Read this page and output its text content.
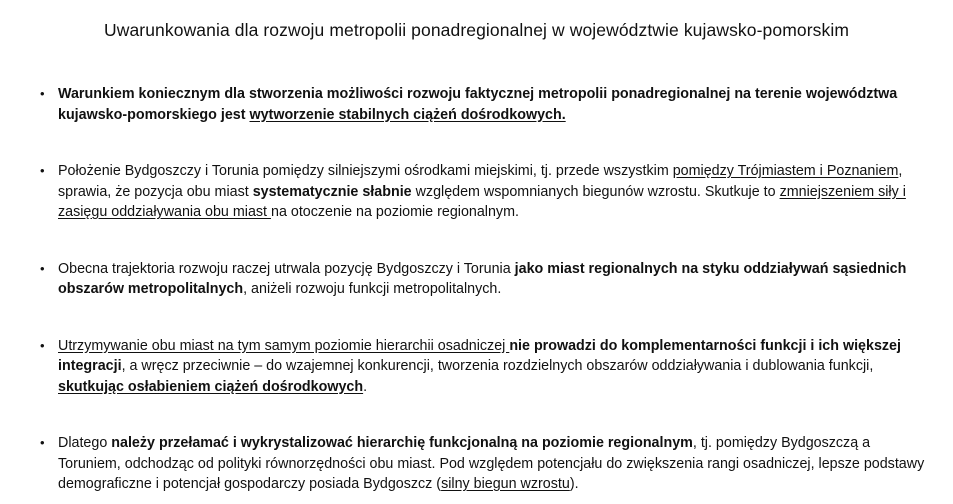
Uwarunkowania dla rozwoju metropolii ponadregionalnej w województwie kujawsko-pomorskim
• Warunkiem koniecznym dla stworzenia możliwości rozwoju faktycznej metropolii ponadregionalnej na terenie województwa kujawsko-pomorskiego jest wytworzenie stabilnych ciążeń dośrodkowych.
• Położenie Bydgoszczy i Torunia pomiędzy silniejszymi ośrodkami miejskimi, tj. przede wszystkim pomiędzy Trójmiastem i Poznaniem, sprawia, że pozycja obu miast systematycznie słabnie względem wspomnianych biegunów wzrostu. Skutkuje to zmniejszeniem siły i zasięgu oddziaływania obu miast na otoczenie na poziomie regionalnym.
• Obecna trajektoria rozwoju raczej utrwala pozycję Bydgoszczy i Torunia jako miast regionalnych na styku oddziaływań sąsiednich obszarów metropolitalnych, aniżeli rozwoju funkcji metropolitalnych.
• Utrzymywanie obu miast na tym samym poziomie hierarchii osadniczej nie prowadzi do komplementarności funkcji i ich większej integracji, a wręcz przeciwnie – do wzajemnej konkurencji, tworzenia rozdzielnych obszarów oddziaływania i dublowania funkcji, skutkując osłabieniem ciążeń dośrodkowych.
• Dlatego należy przełamać i wykrystalizować hierarchię funkcjonalną na poziomie regionalnym, tj. pomiędzy Bydgoszczą a Toruniem, odchodząc od polityki równorzędności obu miast. Pod względem potencjału do zwiększenia rangi osadniczej, lepsze podstawy demograficzne i potencjał gospodarczy posiada Bydgoszcz (silny biegun wzrostu).
